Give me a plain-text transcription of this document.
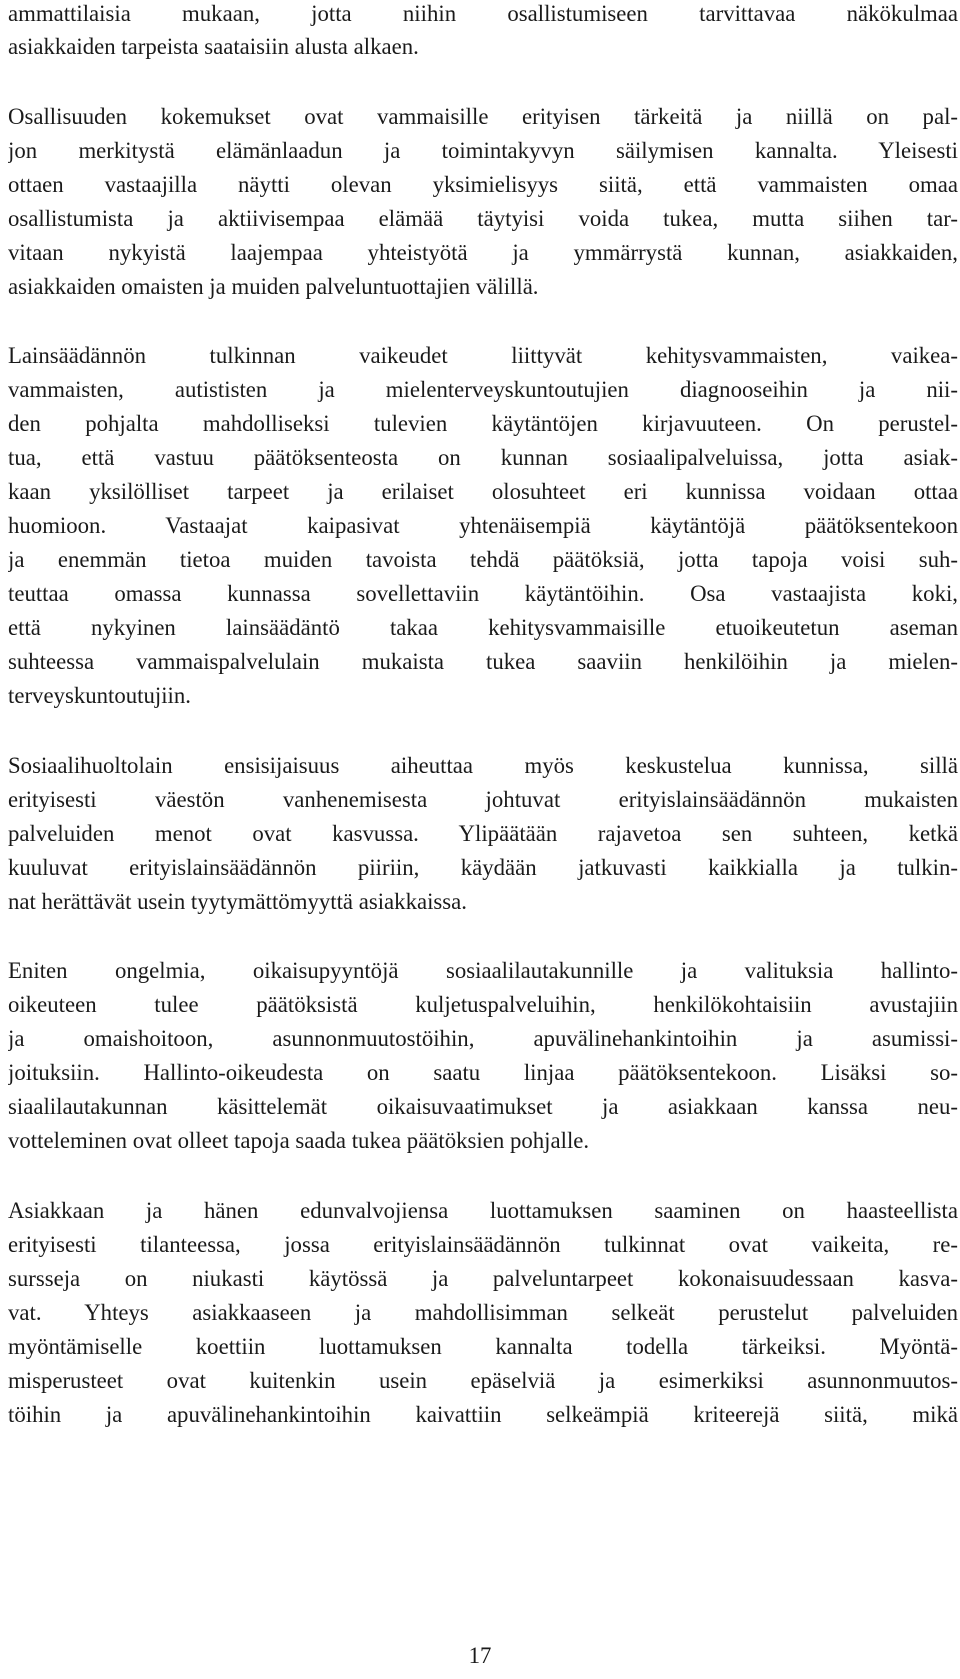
ammattilaisia mukaan, jotta niihin osallistumiseen tarvittavaa näkökulmaa
asiakkaiden tarpeista saataisiin alusta alkaen.
Osallisuuden kokemukset ovat vammaisille erityisen tärkeitä ja niillä on pal-
jon merkitystä elämänlaadun ja toimintakyvyn säilymisen kannalta. Yleisesti
ottaen vastaajilla näytti olevan yksimielisyys siitä, että vammaisten omaa
osallistumista ja aktiivisempaa elämää täytyisi voida tukea, mutta siihen tar-
vitaan nykyistä laajempaa yhteistyötä ja ymmärrystä kunnan, asiakkaiden,
asiakkaiden omaisten ja muiden palveluntuottajien välillä.
Lainsäädännön tulkinnan vaikeudet liittyvät kehitysvammaisten, vaikea-
vammaisten, autististen ja mielenterveyskuntoutujien diagnooseihin ja nii-
den pohjalta mahdolliseksi tulevien käytäntöjen kirjavuuteen. On perustel-
tua, että vastuu päätöksenteosta on kunnan sosiaalipalveluissa, jotta asiak-
kaan yksilölliset tarpeet ja erilaiset olosuhteet eri kunnissa voidaan ottaa
huomioon. Vastaajat kaipasivat yhtenäisempiä käytäntöjä päätöksentekoon
ja enemmän tietoa muiden tavoista tehdä päätöksiä, jotta tapoja voisi suh-
teuttaa omassa kunnassa sovellettaviin käytäntöihin. Osa vastaajista koki,
että nykyinen lainsäädäntö takaa kehitysvammaisille etuoikeutetun aseman
suhteessa vammaispalvelulain mukaista tukea saaviin henkilöihin ja mielen-
terveyskuntoutujiin.
Sosiaalihuoltolain ensisijaisuus aiheuttaa myös keskustelua kunnissa, sillä
erityisesti väestön vanhenemisesta johtuvat erityislainsäädännön mukaisten
palveluiden menot ovat kasvussa. Ylipäätään rajavetoa sen suhteen, ketkä
kuuluvat erityislainsäädännön piiriin, käydään jatkuvasti kaikkialla ja tulkin-
nat herättävät usein tyytymättömyyttä asiakkaissa.
Eniten ongelmia, oikaisupyyntöjä sosiaalilautakunnille ja valituksia hallinto-
oikeuteen tulee päätöksistä kuljetuspalveluihin, henkilökohtaisiin avustajiin
ja omaishoitoon, asunnonmuutostöihin, apuvälinehankintoihin ja asumissi-
joituksiin. Hallinto-oikeudesta on saatu linjaa päätöksentekoon. Lisäksi so-
siaalilautakunnan käsittelemät oikaisuvaatimukset ja asiakkaan kanssa neu-
votteleminen ovat olleet tapoja saada tukea päätöksien pohjalle.
Asiakkaan ja hänen edunvalvojiensa luottamuksen saaminen on haasteellista
erityisesti tilanteessa, jossa erityislainsäädännön tulkinnat ovat vaikeita, re-
sursseja on niukasti käytössä ja palveluntarpeet kokonaisuudessaan kasva-
vat. Yhteys asiakkaaseen ja mahdollisimman selkeät perustelut palveluiden
myöntämiselle koettiin luottamuksen kannalta todella tärkeiksi. Myöntä-
misperusteet ovat kuitenkin usein epäselviä ja esimerkiksi asunnonmuutos-
töihin ja apuvälinehankintoihin kaivattiin selkeämpiä kriteerejä siitä, mikä
17
